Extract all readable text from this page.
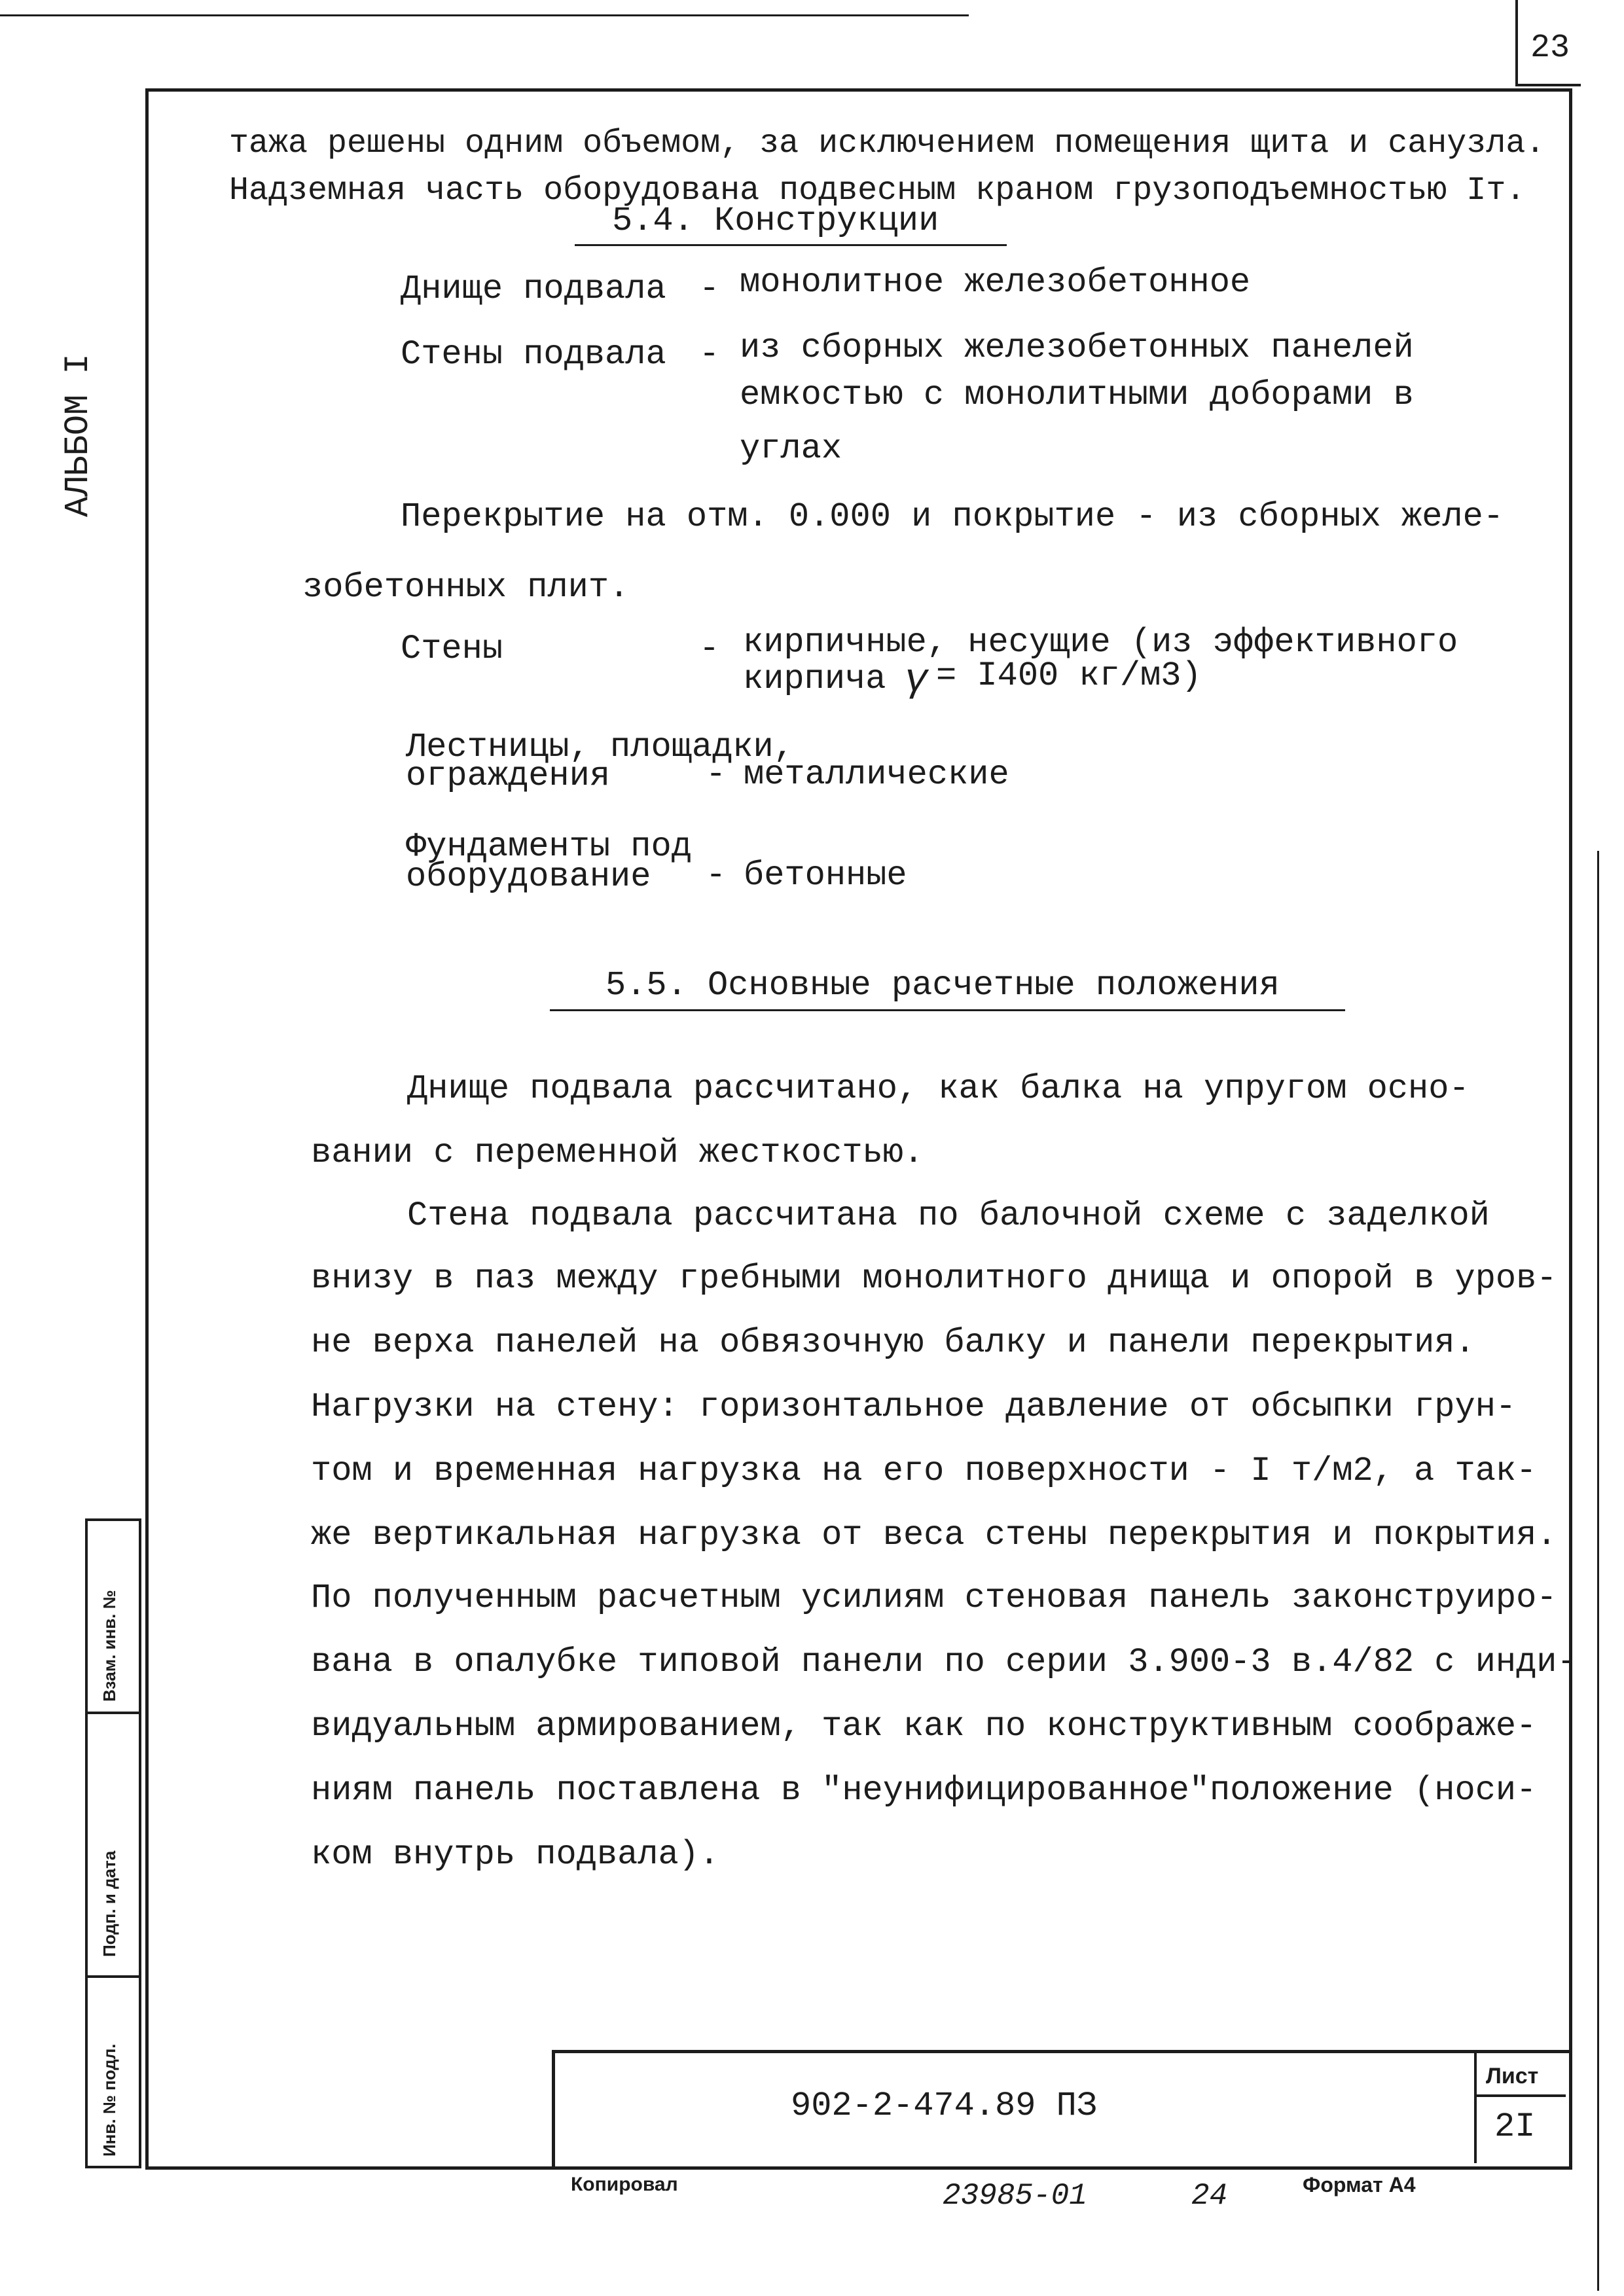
23
АЛЬБОМ I
Взам. инв. №
Подп. и дата
Инв. № подл.
тажа решены одним объемом, за исключением помещения щита и санузла.
Надземная часть оборудована подвесным краном грузоподъемностью Iт.
5.4. Конструкции
Днище подвала - монолитное железобетонное
Стены подвала - из сборных железобетонных панелей
емкостью с монолитными доборами в
углах
Перекрытие на отм. 0.000 и покрытие - из сборных желе-
зобетонных плит.
Стены	- кирпичные, несущие (из эффективного
кирпича γ = I400 кг/м3)
Лестницы, площадки,
ограждения	- металлические
Фундаменты под
оборудование - бетонные
5.5. Основные расчетные положения
Днище подвала рассчитано, как балка на упругом осно-
вании с переменной жесткостью.
Стена подвала рассчитана по балочной схеме с заделкой
внизу в паз между гребными монолитного днища и опорой в уров-
не верха панелей на обвязочную балку и панели перекрытия.
Нагрузки на стену: горизонтальное давление от обсыпки грун-
том и временная нагрузка на его поверхности - I т/м2, а так-
же вертикальная нагрузка от веса стены перекрытия и покрытия.
По полученным расчетным усилиям стеновая панель законструиро-
вана в опалубке типовой панели по серии 3.900-3 в.4/82 с инди-
видуальным армированием, так как по конструктивным соображе-
ниям панель поставлена в "неунифицированное"положение (носи-
ком внутрь подвала).
902-2-474.89 ПЗ
Лист
2I
Копировал	23985-01	24	Формат А4
